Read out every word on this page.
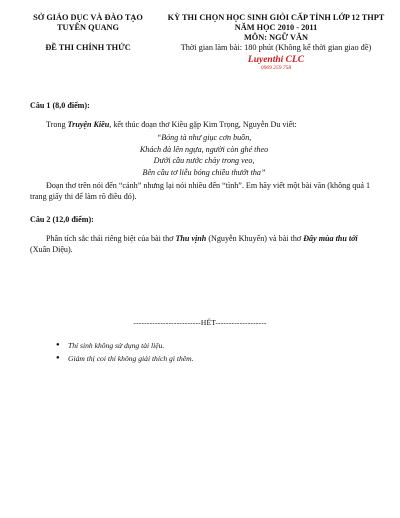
SỞ GIÁO DỤC VÀ ĐÀO TẠO
TUYÊN QUANG
ĐỀ THI CHÍNH THỨC
KỲ THI CHỌN HỌC SINH GIỎI CẤP TỈNH LỚP 12 THPT
NĂM HỌC 2010 - 2011
MÔN: NGỮ VĂN
Thời gian làm bài: 180 phút (Không kể thời gian giao đề)
Luyenthi CLC
0969 259 758
Câu 1 (8,0 điểm):

Trong Truyện Kiều, kết thúc đoạn thơ Kiều gặp Kim Trọng, Nguyễn Du viết:

“Bóng tà như giục cơn buồn,
Khách đà lên ngựa, người còn ghé theo
Dưới cầu nước chảy trong veo,
Bên cầu tơ liễu bóng chiều thướt tha”

Đoạn thơ trên nói đến “cảnh” nhưng lại nói nhiều đến “tình”. Em hãy viết một bài văn (không quá 1 trang giấy thi để làm rõ điều đó).

Câu 2 (12,0 điểm):

Phân tích sắc thái riêng biệt của bài thơ Thu vịnh (Nguyễn Khuyến) và bài thơ Đây mùa thu tới (Xuân Diệu).

-------------------------HẾT-------------------
● Thí sinh không sử dụng tài liệu.
● Giám thị coi thi không giải thích gì thêm.
